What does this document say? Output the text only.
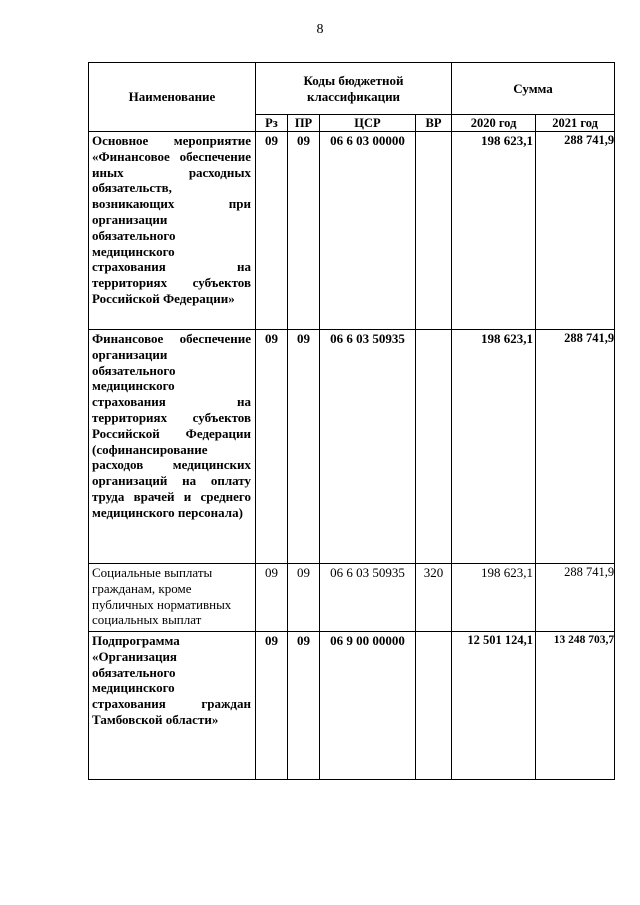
8
Наименование	Коды бюджетной классификации				Сумма	
	Рз	ПР	ЦСР	ВР	2020 год	2021 год
Основное мероприятие «Финансовое обеспечение иных расходных обязательств, возникающих при организации обязательного медицинского страхования на территориях субъектов Российской Федерации»	09	09	06 6 03 00000		198 623,1	288 741,9
Финансовое обеспечение организации обязательного медицинского страхования на территориях субъектов Российской Федерации (софинансирование расходов медицинских организаций на оплату труда врачей и среднего медицинского персонала)	09	09	06 6 03 50935		198 623,1	288 741,9
Социальные выплаты гражданам, кроме публичных нормативных социальных выплат	09	09	06 6 03 50935	320	198 623,1	288 741,9
Подпрограмма «Организация обязательного медицинского страхования граждан Тамбовской области»	09	09	06 9 00 00000		12 501 124,1	13 248 703,7
